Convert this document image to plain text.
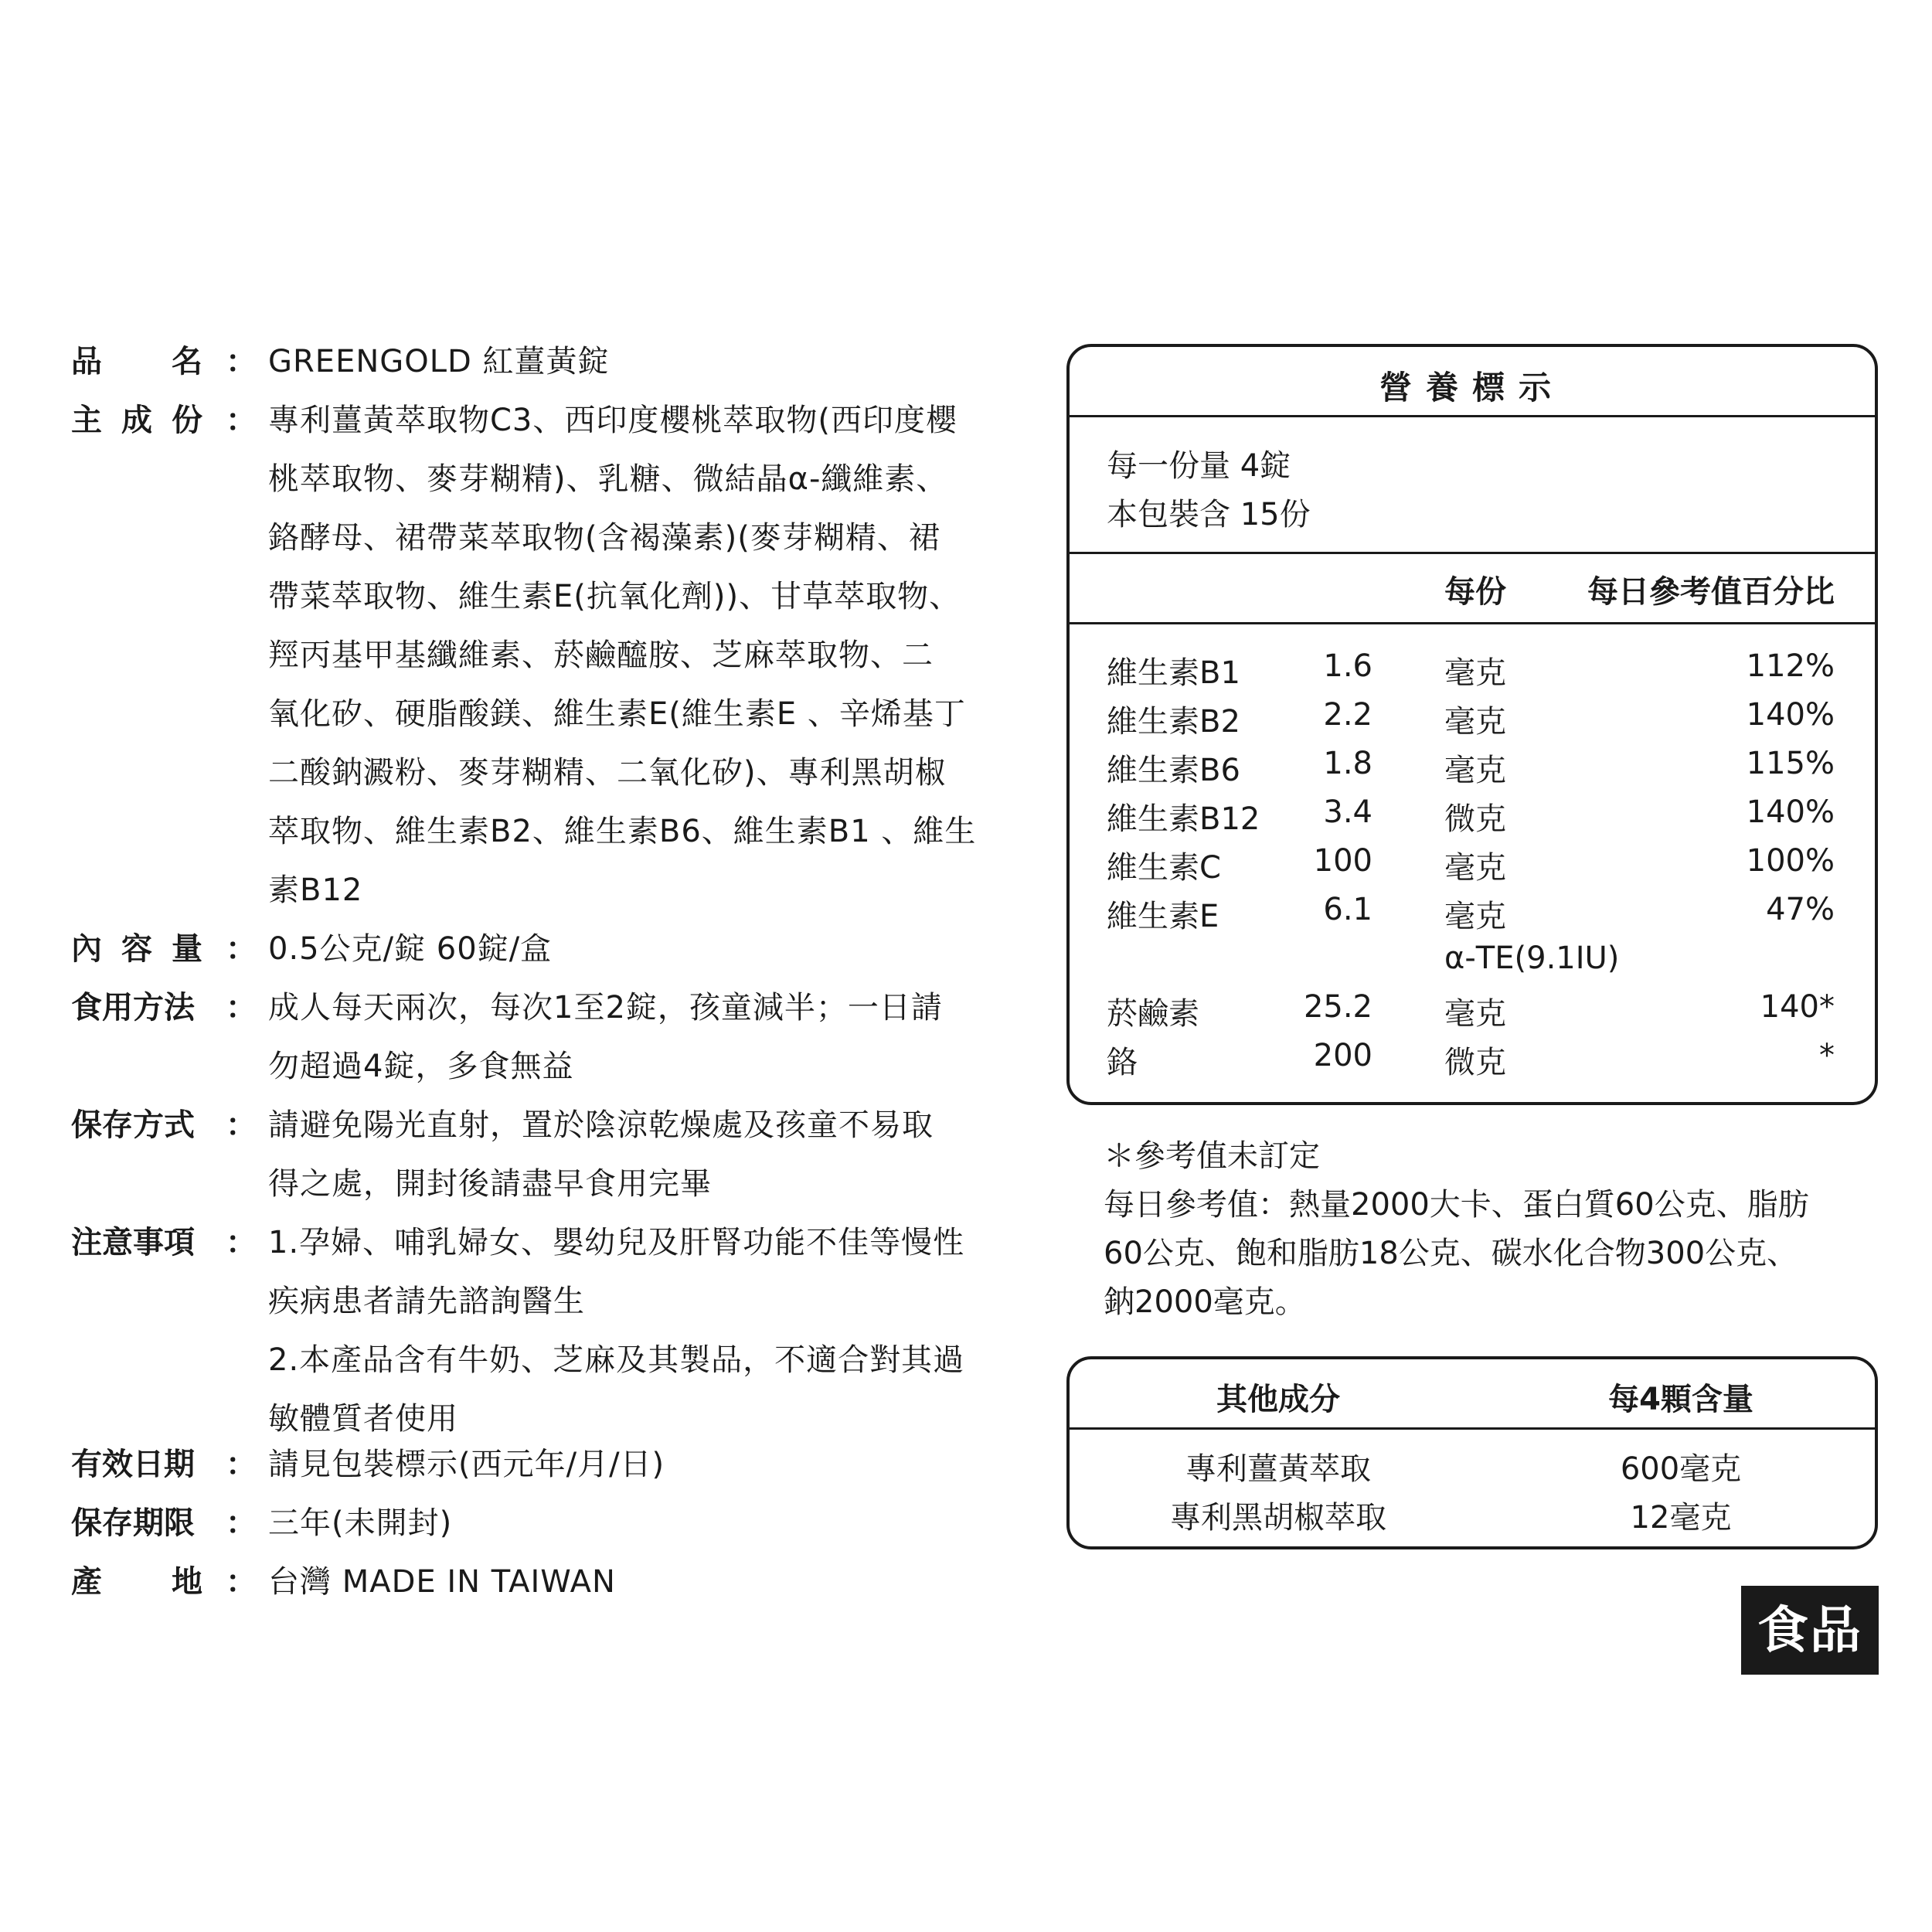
品 名 ： GREENGOLD 紅薑黃錠
主 成 份 ： 專利薑黃萃取物C3、西印度櫻桃萃取物(西印度櫻
桃萃取物、麥芽糊精)、乳糖、微結晶α-纖維素、
鉻酵母、裙帶菜萃取物(含褐藻素)(麥芽糊精、裙
帶菜萃取物、維生素E(抗氧化劑))、甘草萃取物、
羥丙基甲基纖維素、菸鹼醯胺、芝麻萃取物、二
氧化矽、硬脂酸鎂、維生素E(維生素E 、辛烯基丁
二酸鈉澱粉、麥芽糊精、二氧化矽)、專利黑胡椒
萃取物、維生素B2、維生素B6、維生素B1 、維生
素B12
內 容 量 ： 0.5公克/錠 60錠/盒
食用方法 ： 成人每天兩次，每次1至2錠，孩童減半；一日請
勿超過4錠，多食無益
保存方式 ： 請避免陽光直射，置於陰涼乾燥處及孩童不易取
得之處，開封後請盡早食用完畢
注意事項 ： 1.孕婦、哺乳婦女、嬰幼兒及肝腎功能不佳等慢性
疾病患者請先諮詢醫生
2.本產品含有牛奶、芝麻及其製品，不適合對其過
敏體質者使用
有效日期 ： 請見包裝標示(西元年/月/日)
保存期限 ： 三年(未開封)
產 地 ： 台灣 MADE IN TAIWAN
營養標示
每一份量 4錠
本包裝含 15份
每份	每日參考值百分比
維生素B1	1.6 毫克	112%
維生素B2	2.2 毫克	140%
維生素B6	1.8 毫克	115%
維生素B12 3.4 微克	140%
維生素C	100 毫克	100%
維生素E	6.1 毫克	47%
α-TE(9.1IU)
菸鹼素	25.2 毫克	140*
鉻	200 微克	*
＊參考值未訂定
每日參考值：熱量2000大卡、蛋白質60公克、脂肪
60公克、飽和脂肪18公克、碳水化合物300公克、
鈉2000毫克。
其他成分	每4顆含量
專利薑黃萃取	600毫克
專利黑胡椒萃取	12毫克
食品
